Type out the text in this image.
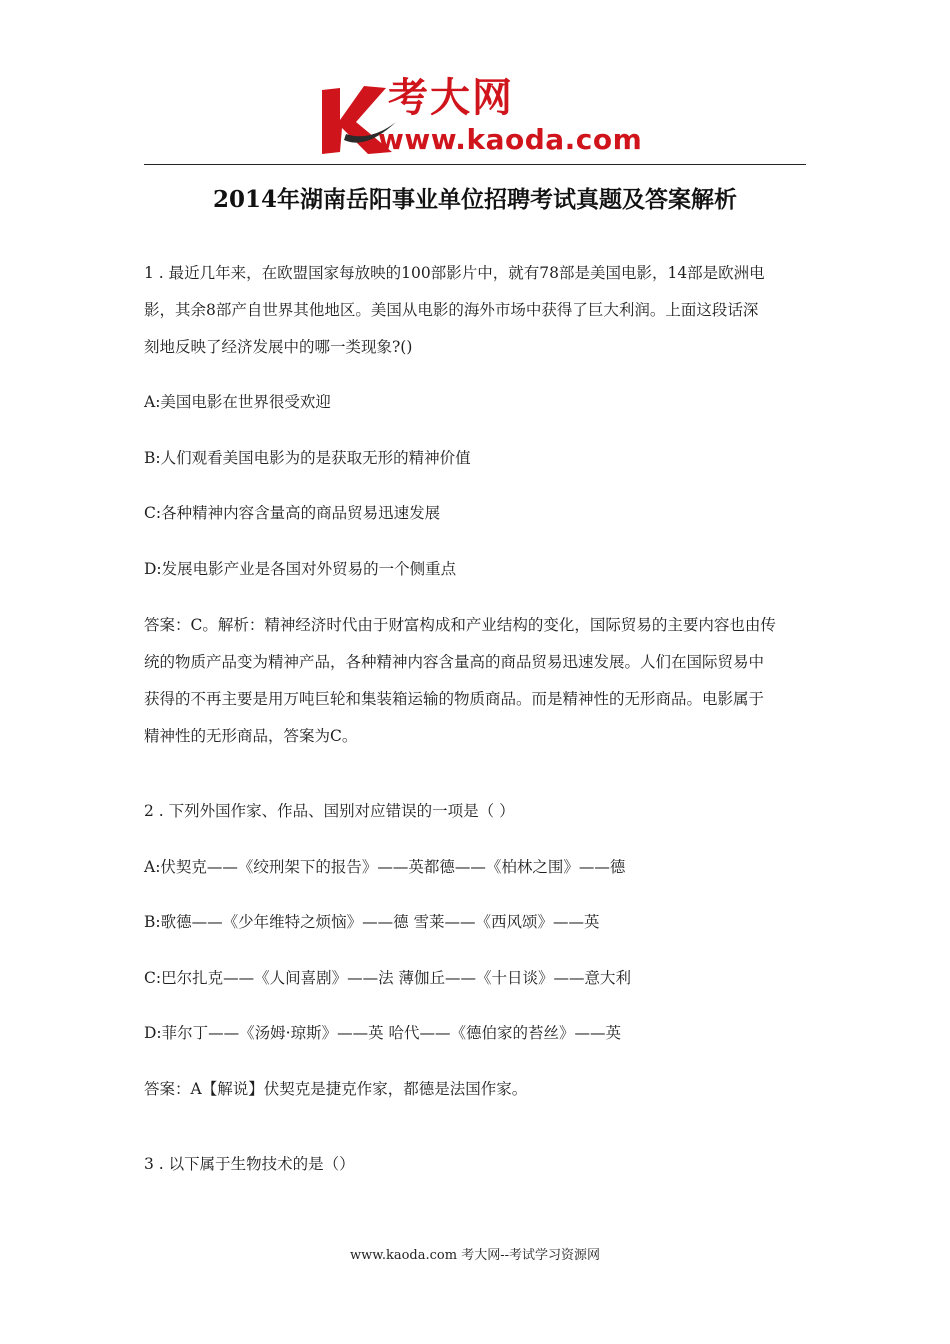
考大网
www.kaoda.com
2014年湖南岳阳事业单位招聘考试真题及答案解析
1 . 最近几年来，在欧盟国家每放映的100部影片中，就有78部是美国电影，14部是欧洲电
影，其余8部产自世界其他地区。美国从电影的海外市场中获得了巨大利润。上面这段话深
刻地反映了经济发展中的哪一类现象?()
A:美国电影在世界很受欢迎
B:人们观看美国电影为的是获取无形的精神价值
C:各种精神内容含量高的商品贸易迅速发展
D:发展电影产业是各国对外贸易的一个侧重点
答案：C。解析：精神经济时代由于财富构成和产业结构的变化，国际贸易的主要内容也由传
统的物质产品变为精神产品，各种精神内容含量高的商品贸易迅速发展。人们在国际贸易中
获得的不再主要是用万吨巨轮和集装箱运输的物质商品。而是精神性的无形商品。电影属于
精神性的无形商品，答案为C。
2 . 下列外国作家、作品、国别对应错误的一项是（ ）
A:伏契克——《绞刑架下的报告》——英都德——《柏林之围》——德
B:歌德——《少年维特之烦恼》——德 雪莱——《西风颂》——英
C:巴尔扎克——《人间喜剧》——法 薄伽丘——《十日谈》——意大利
D:菲尔丁——《汤姆·琼斯》——英 哈代——《德伯家的苔丝》——英
答案：A【解说】伏契克是捷克作家，都德是法国作家。
3 . 以下属于生物技术的是（）
www.kaoda.com 考大网--考试学习资源网
